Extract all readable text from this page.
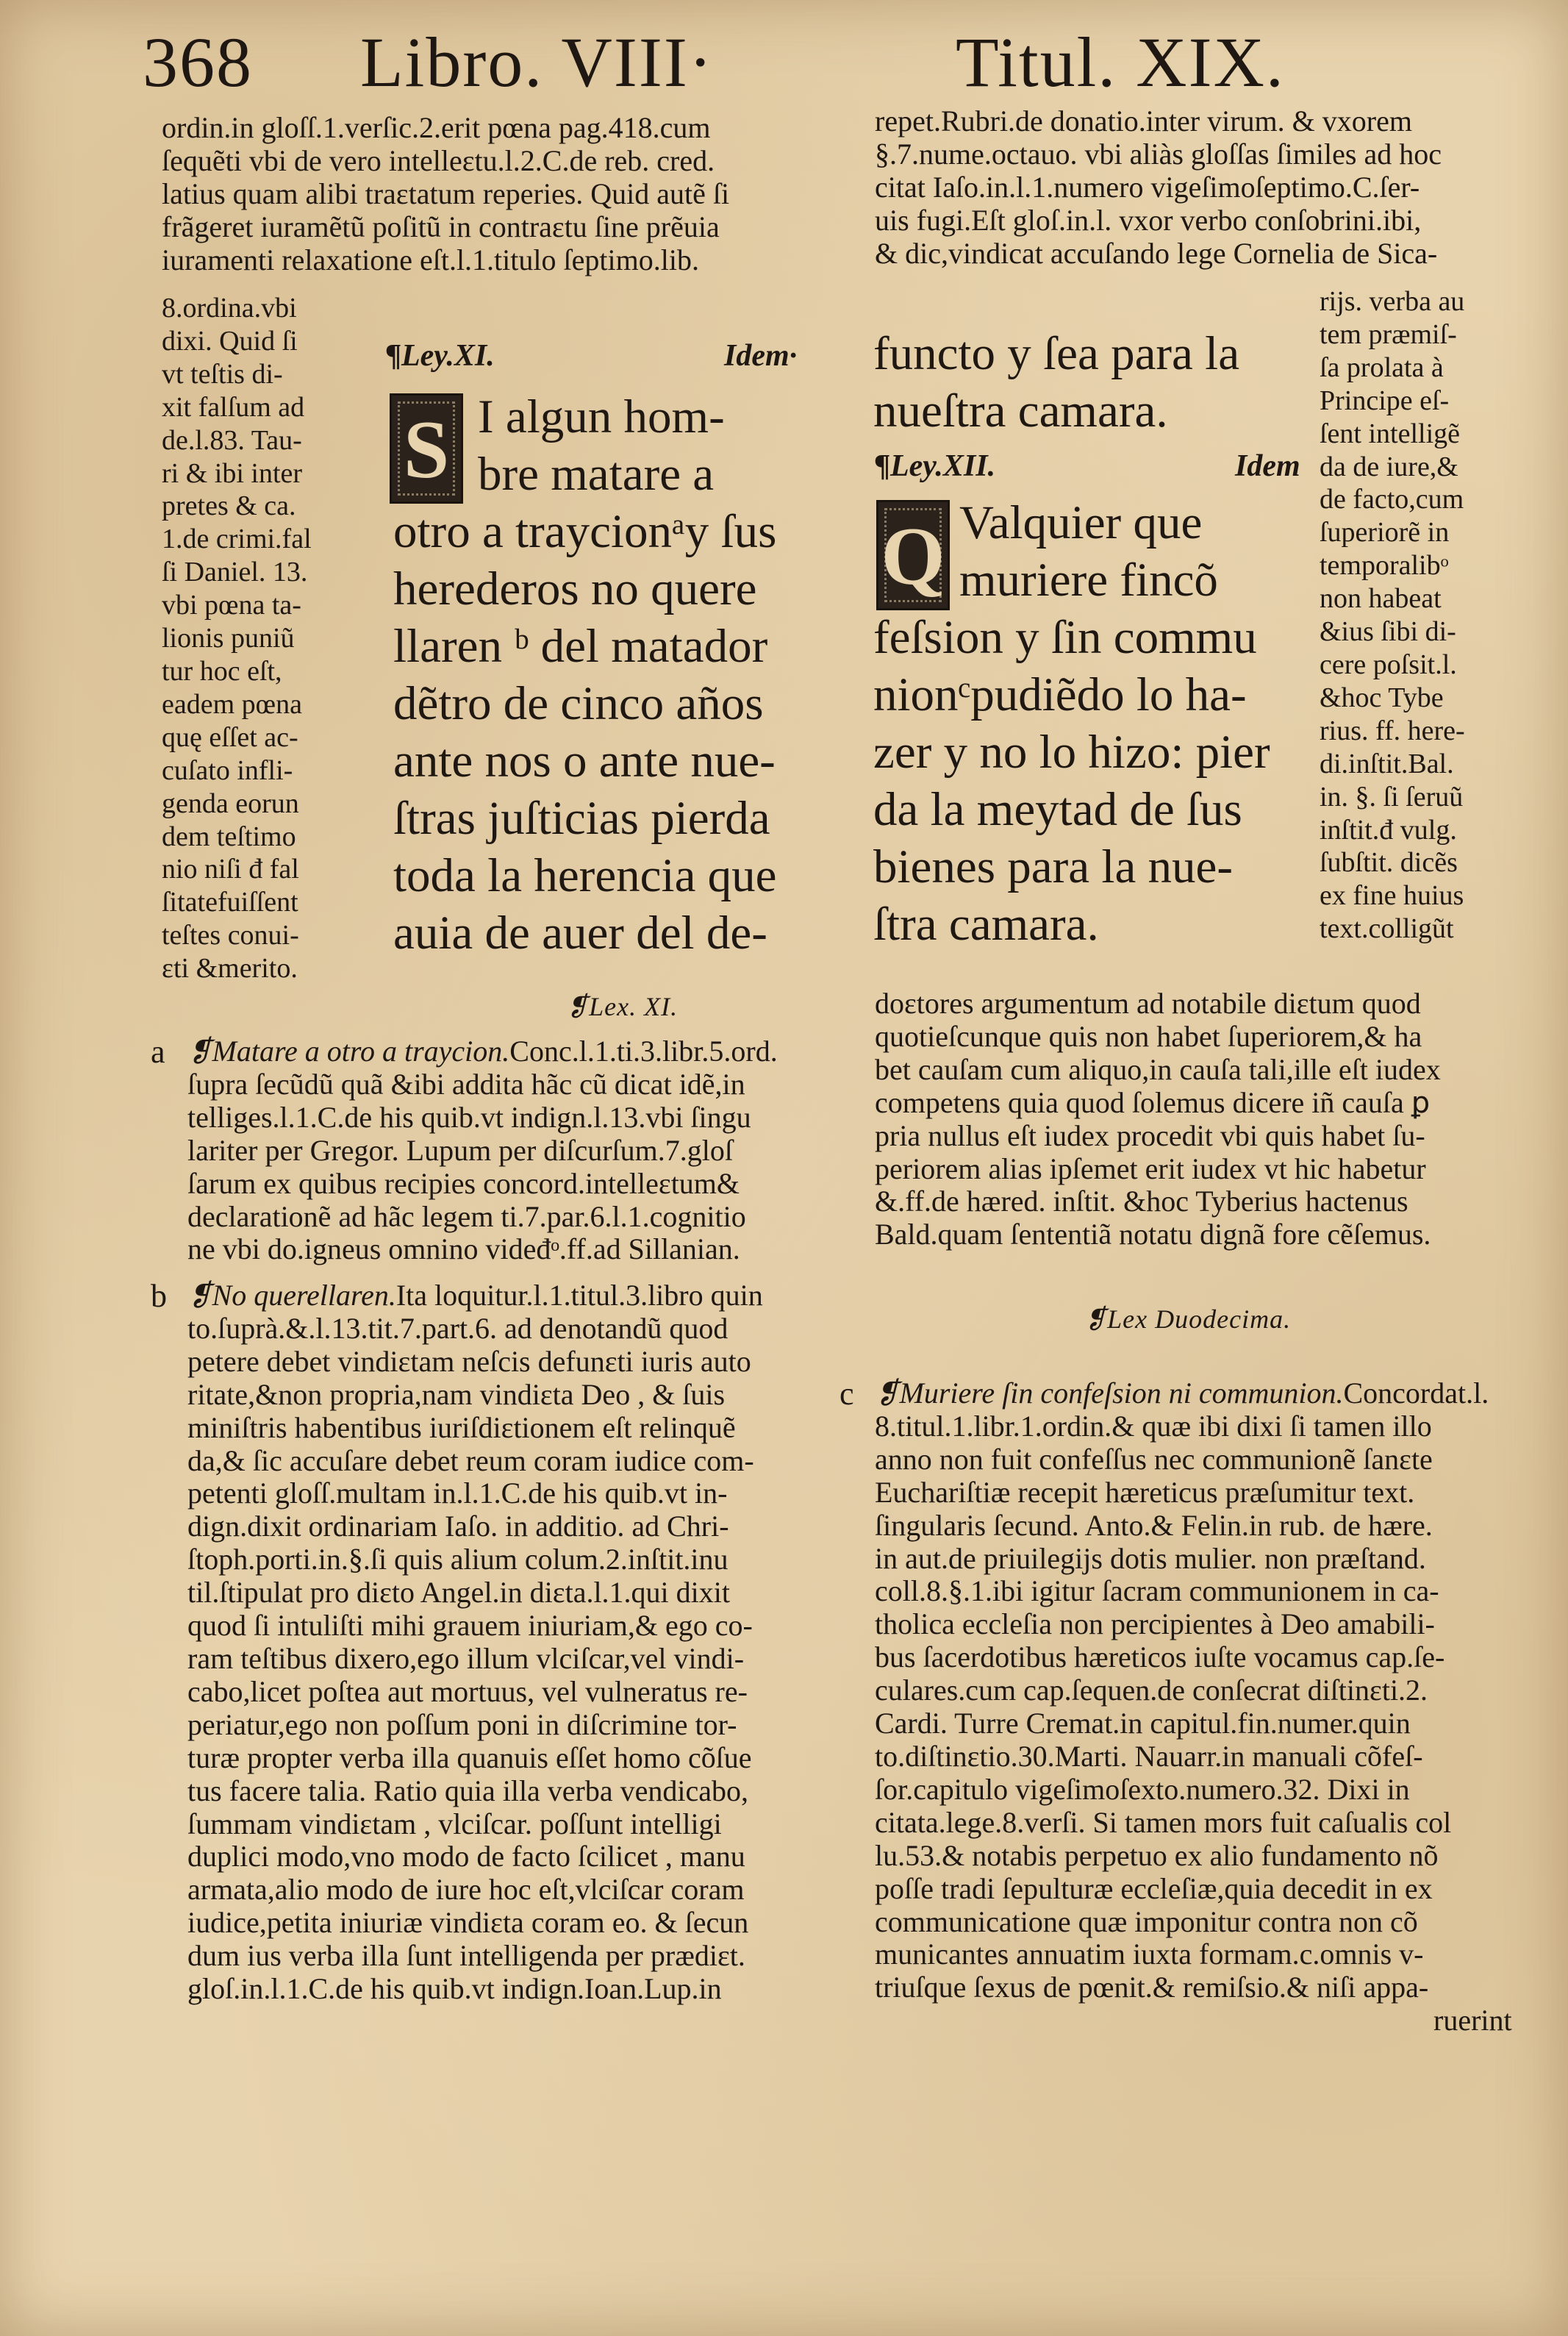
368 Libro. VIII·	Titul. XIX.
ordin.in gloſſ.1.verſic.2.erit pœna pag.418.cum
ſequẽti vbi de vero intelleɛtu.l.2.C.de reb. cred.
latius quam alibi traɛtatum reperies. Quid autẽ ſi
frãgeret iuramẽtũ poſitũ in contraɛtu ſine prẽuia
iuramenti relaxatione eſt.l.1.titulo ſeptimo.lib.
8.ordina.vbi
dixi. Quid ſi
vt teſtis di-
xit falſum ad
de.l.83. Tau-
ri & ibi inter
pretes & ca.
1.de crimi.fal
ſi Daniel. 13.
vbi pœna ta-
lionis puniũ
tur hoc eſt,
eadem pœna
quę eſſet ac-
cuſato infli-
genda eorun
dem teſtimo
nio niſi đ fal
ſitatefuiſſent
teſtes conui-
ɛti &merito.
¶Ley.XI.	Idem·
S I algun hom-
bre matare a
otro a traycionᵃy ſus
herederos no quere
llaren ᵇ del matador
dẽtro de cinco años
ante nos o ante nue-
ſtras juſticias pierda
toda la herencia que
auia de auer del de-
❡Lex. XI.
repet.Rubri.de donatio.inter virum. & vxorem
§.7.nume.octauo. vbi aliàs gloſſas ſimiles ad hoc
citat Iaſo.in.l.1.numero vigeſimoſeptimo.C.ſer-
uis fugi.Eſt gloſ.in.l. vxor verbo conſobrini.ibi,
& dic,vindicat accuſando lege Cornelia de Sica-
rijs. verba au
tem præmiſ-
ſa prolata à
Principe eſ-
ſent intelligẽ
da de iure,&
de facto,cum
ſuperiorẽ in
temporalibᵒ
non habeat
&ius ſibi di-
cere poſsit.l.
&hoc Tybe
rius. ff. here-
di.inſtit.Bal.
in. §. ſi ſeruũ
inſtit.đ vulg.
ſubſtit. dicẽs
ex fine huius
text.colligũt
functo y ſea para la
nueſtra camara.
¶Ley.XII.	Idem
Q Valquier que
muriere fincõ
feſsion y ſin commu
nionᶜpudiẽdo lo ha-
zer y no lo hizo: pier
da la meytad de ſus
bienes para la nue-
ſtra camara.
doɛtores argumentum ad notabile diɛtum quod
quotieſcunque quis non habet ſuperiorem,& ha
bet cauſam cum aliquo,in cauſa tali,ille eſt iudex
competens quia quod ſolemus dicere iñ cauſa ꝑ
pria nullus eſt iudex procedit vbi quis habet ſu-
periorem alias ipſemet erit iudex vt hic habetur
&.ff.de hæred. inſtit. &hoc Tyberius hactenus
Bald.quam ſententiã notatu dignã fore cẽſemus.
❡Lex Duodecima.
a ❡Matare a otro a traycion.Conc.l.1.ti.3.libr.5.ord.
ſupra ſecũdũ quã &ibi addita hãc cũ dicat idẽ,in
telliges.l.1.C.de his quib.vt indign.l.13.vbi ſingu
lariter per Gregor. Lupum per diſcurſum.7.gloſ
ſarum ex quibus recipies concord.intelleɛtum&
declarationẽ ad hãc legem ti.7.par.6.l.1.cognitio
ne vbi do.igneus omnino videđᵒ.ff.ad Sillanian.
b ❡No querellaren.Ita loquitur.l.1.titul.3.libro quin
to.ſuprà.&.l.13.tit.7.part.6. ad denotandũ quod
petere debet vindiɛtam neſcis defunɛti iuris auto
ritate,&non propria,nam vindiɛta Deo , & ſuis
miniſtris habentibus iuriſdiɛtionem eſt relinquẽ
da,& ſic accuſare debet reum coram iudice com-
petenti gloſſ.multam in.l.1.C.de his quib.vt in-
dign.dixit ordinariam Iaſo. in additio. ad Chri-
ſtoph.porti.in.§.ſi quis alium colum.2.inſtit.inu
til.ſtipulat pro diɛto Angel.in diɛta.l.1.qui dixit
quod ſi intuliſti mihi grauem iniuriam,& ego co-
ram teſtibus dixero,ego illum vlciſcar,vel vindi-
cabo,licet poſtea aut mortuus, vel vulneratus re-
periatur,ego non poſſum poni in diſcrimine tor-
turæ propter verba illa quanuis eſſet homo cõſue
tus facere talia. Ratio quia illa verba vendicabo,
ſummam vindiɛtam , vlciſcar. poſſunt intelligi
duplici modo,vno modo de facto ſcilicet , manu
armata,alio modo de iure hoc eſt,vlciſcar coram
iudice,petita iniuriæ vindiɛta coram eo. & ſecun
dum ius verba illa ſunt intelligenda per prædiɛt.
gloſ.in.l.1.C.de his quib.vt indign.Ioan.Lup.in
c ❡Muriere ſin confeſsion ni communion.Concordat.l.
8.titul.1.libr.1.ordin.& quæ ibi dixi ſi tamen illo
anno non fuit confeſſus nec communionẽ ſanɛte
Euchariſtiæ recepit hæreticus præſumitur text.
ſingularis ſecund. Anto.& Felin.in rub. de hære.
in aut.de priuilegijs dotis mulier. non præſtand.
coll.8.§.1.ibi igitur ſacram communionem in ca-
tholica eccleſia non percipientes à Deo amabili-
bus ſacerdotibus hæreticos iuſte vocamus cap.ſe-
culares.cum cap.ſequen.de conſecrat diſtinɛti.2.
Cardi. Turre Cremat.in capitul.fin.numer.quin
to.diſtinɛtio.30.Marti. Nauarr.in manuali cõfeſ-
ſor.capitulo vigeſimoſexto.numero.32. Dixi in
citata.lege.8.verſi. Si tamen mors fuit caſualis col
lu.53.& notabis perpetuo ex alio fundamento nõ
poſſe tradi ſepulturæ eccleſiæ,quia decedit in ex
communicatione quæ imponitur contra non cõ
municantes annuatim iuxta formam.c.omnis v-
triuſque ſexus de pœnit.& remiſsio.& niſi appa-
ruerint
